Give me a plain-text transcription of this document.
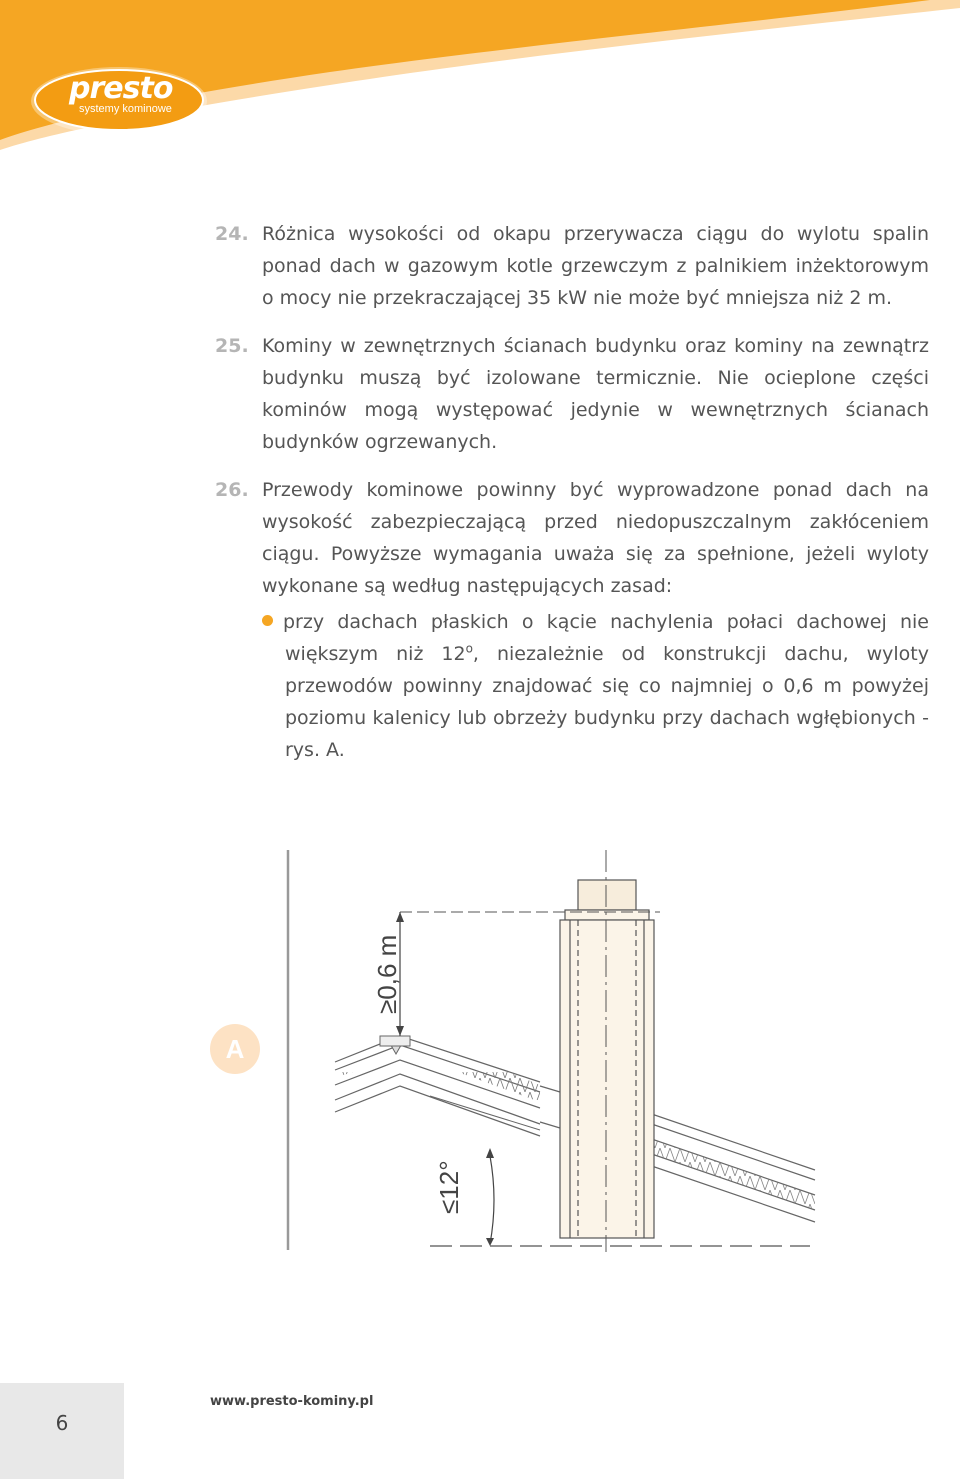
presto
systemy kominowe

24. Różnica wysokości od okapu przerywacza ciągu do wylotu spalin ponad dach w gazowym kotle grzewczym z palnikiem inżektorowym o mocy nie przekraczającej 35 kW nie może być mniejsza niż 2 m.

25. Kominy w zewnętrznych ścianach budynku oraz kominy na zewnątrz budynku muszą być izolowane termicznie. Nie ocieplone części kominów mogą występować jedynie w wewnętrznych ścianach budynków ogrzewanych.

26. Przewody kominowe powinny być wyprowadzone ponad dach na wysokość zabezpieczającą przed niedopuszczalnym zakłóceniem ciągu. Powyższe wymagania uważa się za spełnione, jeżeli wyloty wykonane są według następujących zasad:

przy dachach płaskich o kącie nachylenia połaci dachowej nie większym niż 12$^o$, niezależnie od konstrukcji dachu, wyloty przewodów powinny znajdować się co najmniej o 0,6 m powyżej poziomu kalenicy lub obrzeży budynku przy dachach wgłębionych - rys. A.

A
≥0,6 m
≤12°
6
www.presto-kominy.pl
